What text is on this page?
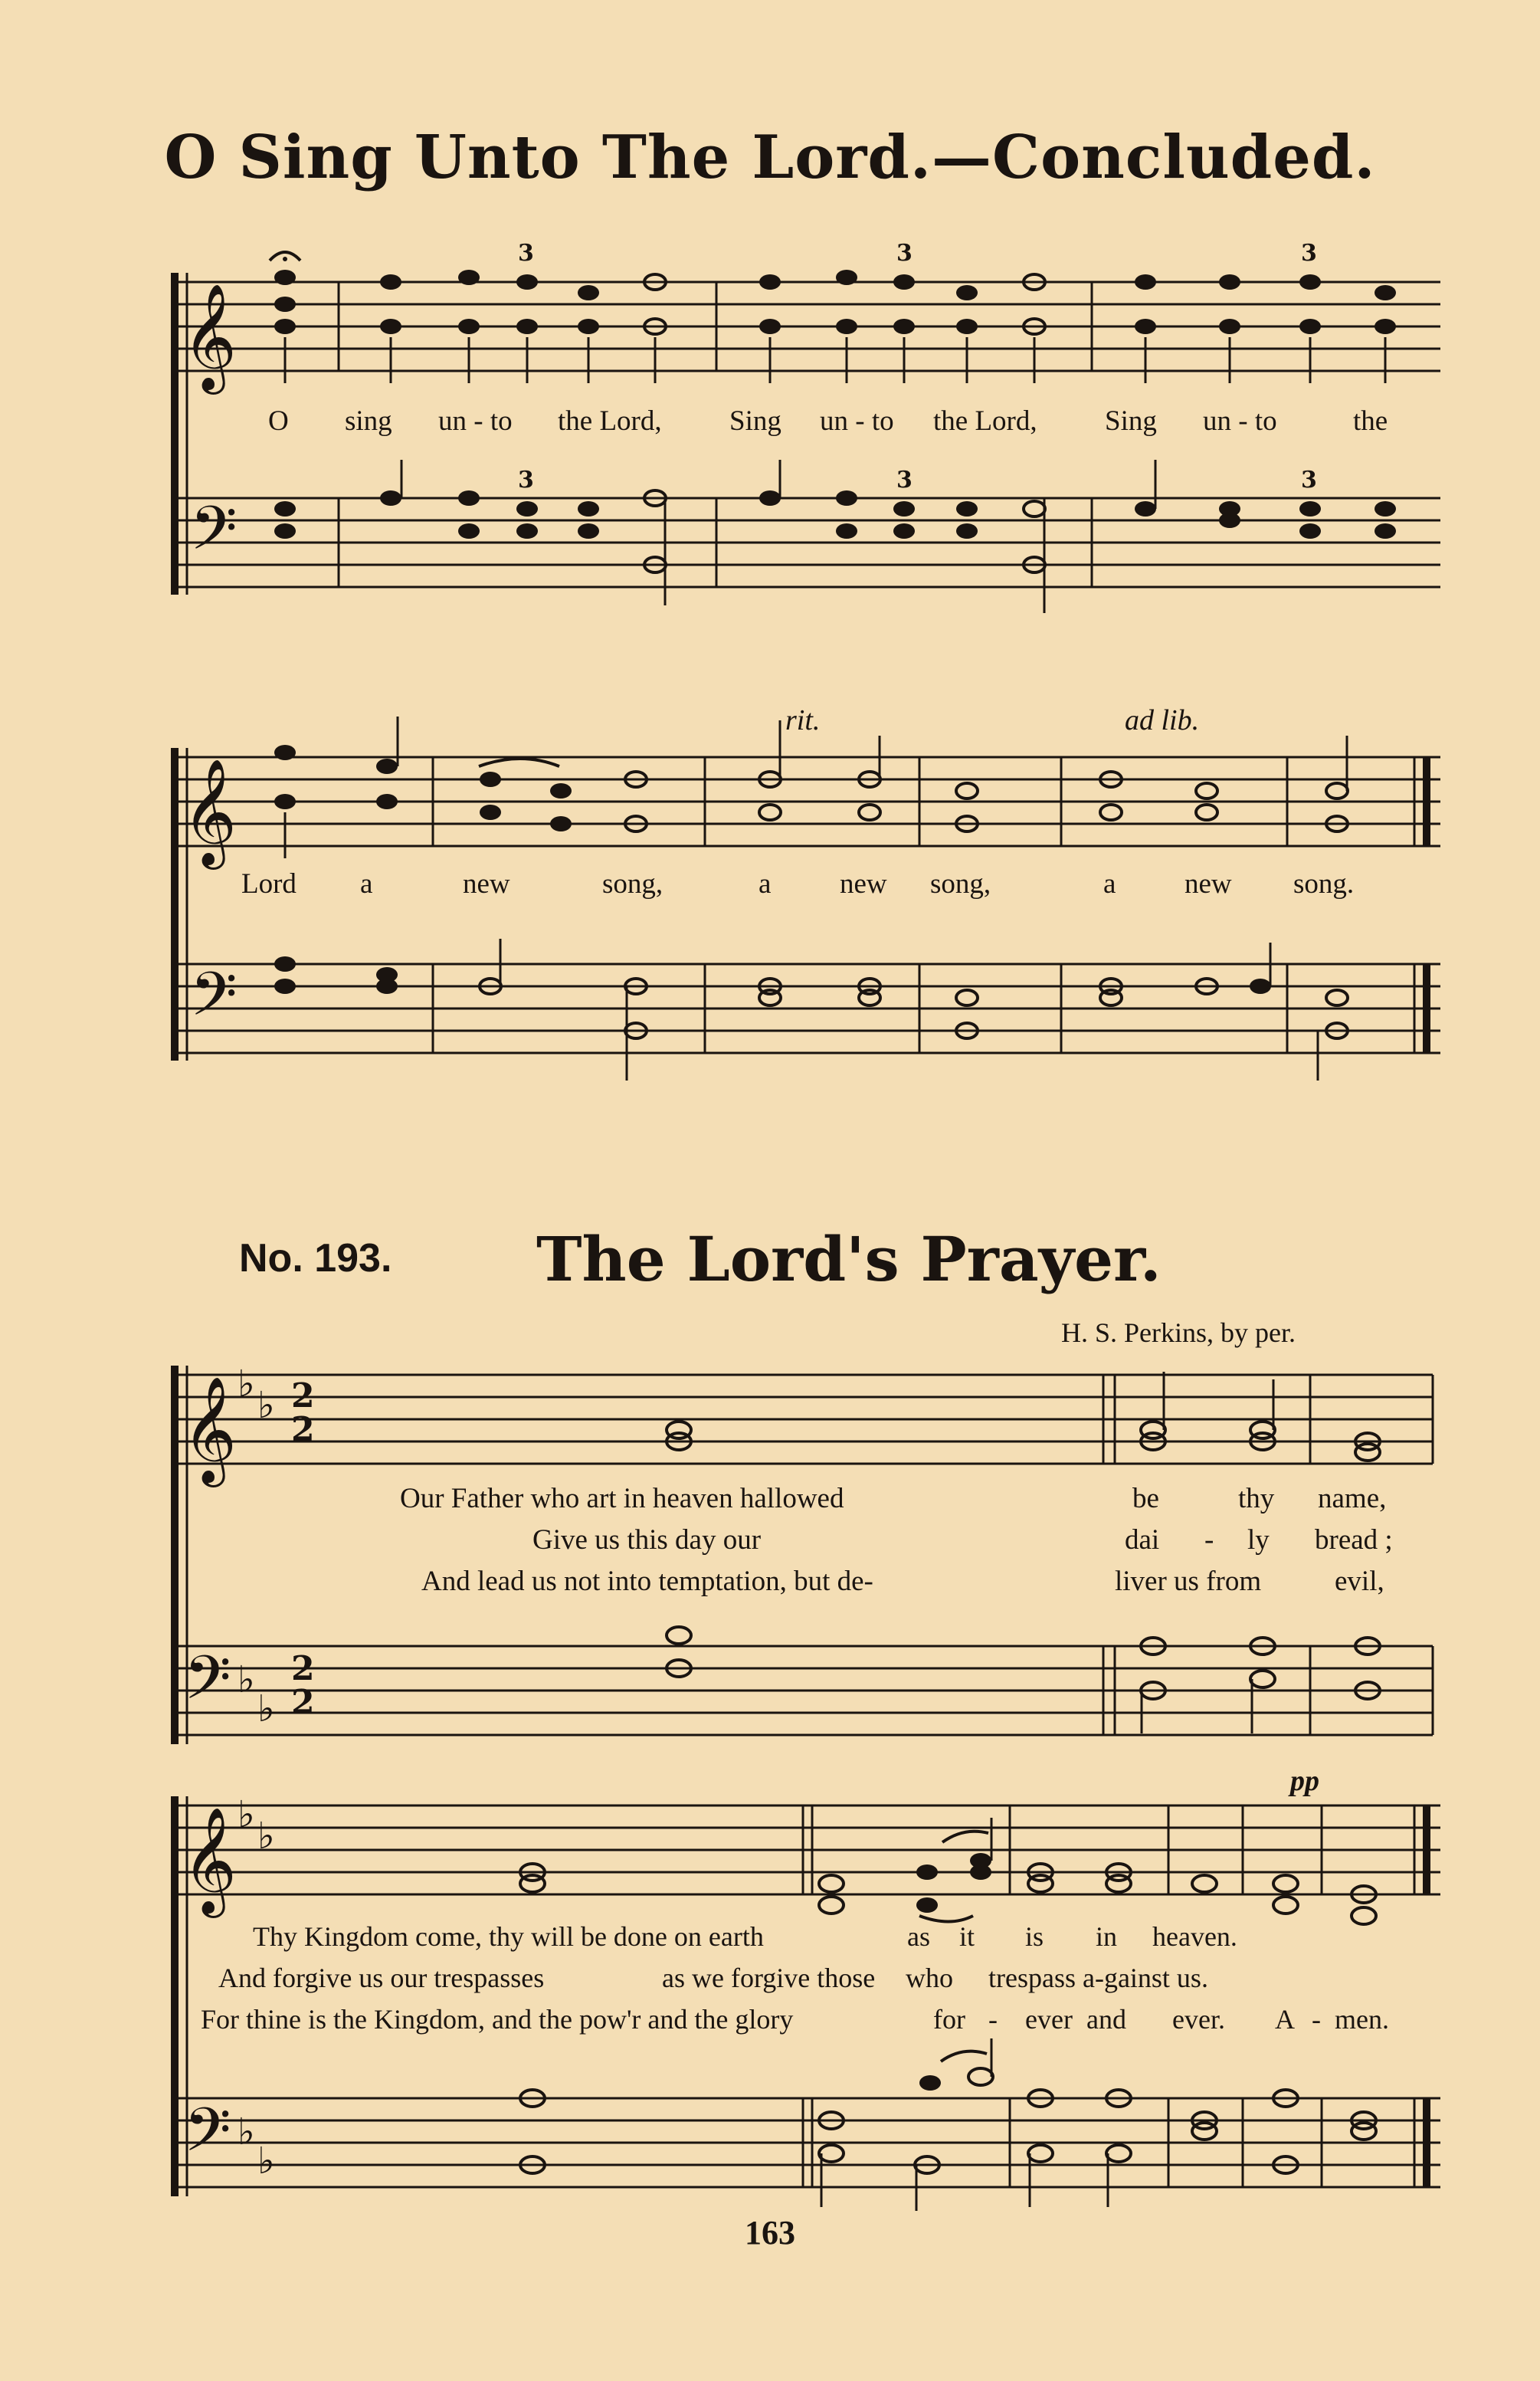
O Sing Unto The Lord.—Concluded.
𝄞
𝄢
3	3	3
3	3	3
𝄞
𝄢
𝄞 ♭ ♭ 2
2
𝄢 ♭
♭
2
2
𝄞 ♭ ♭
𝄢 ♭
♭
O sing un - to the Lord, Sing un - to the Lord, Sing un - to	the
Lord a	new	song,	a new song,	a new song.
rit.	ad lib.
No. 193. The Lord's Prayer.
H. S. Perkins, by per.
Our Father who art in heaven hallowed	be	thy name,
Give us this day our	dai - ly bread ;
And lead us not into temptation, but de-	liver us from	evil,
pp
Thy Kingdom come, thy will be done on earth	as it is in heaven.
And forgive us our trespasses	as we forgive those who trespass a-gainst us.
For thine is the Kingdom, and the pow'r and the glory	for - ever and ever. A - men.
163
